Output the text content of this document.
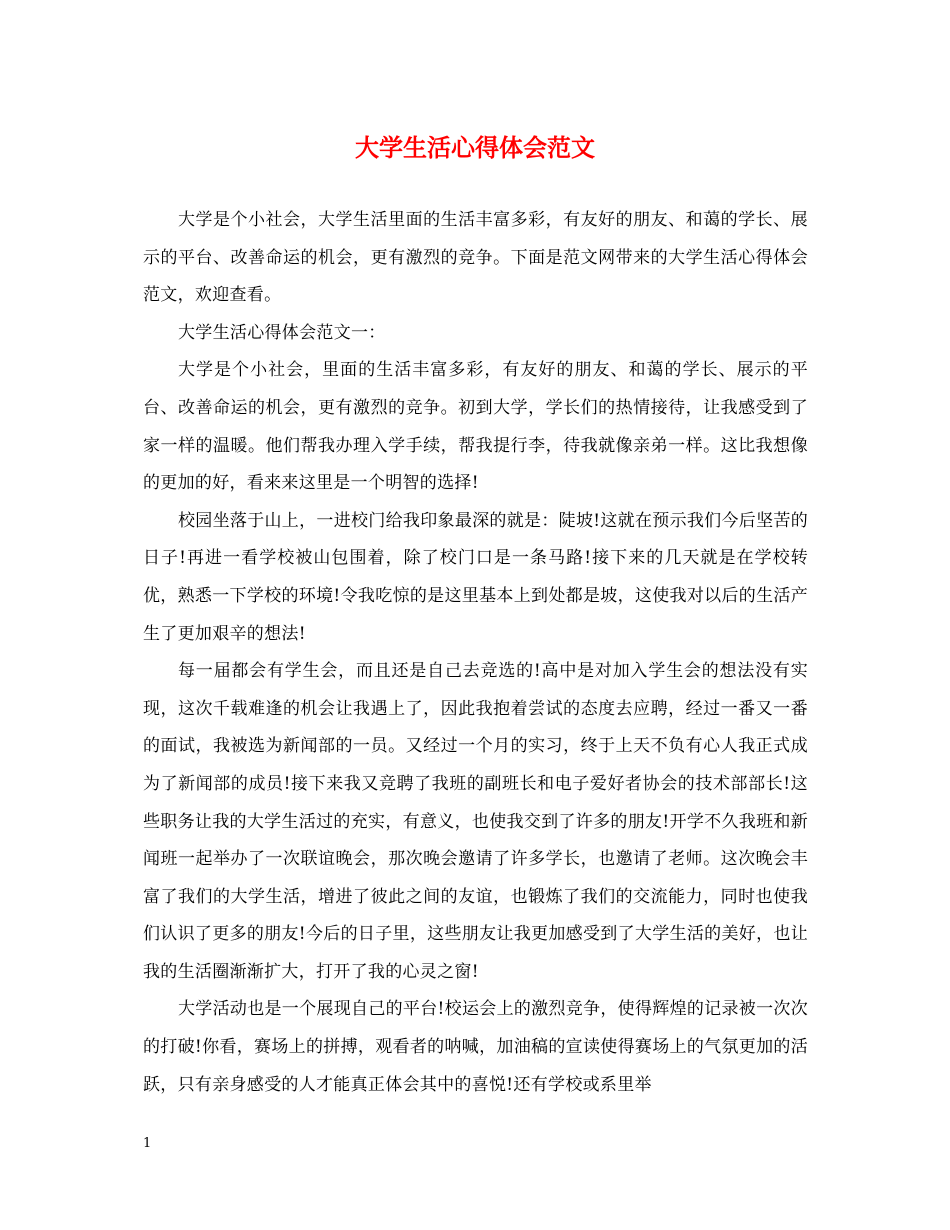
大学生活心得体会范文

大学是个小社会，大学生活里面的生活丰富多彩，有友好的朋友、和蔼的学长、展示的平台、改善命运的机会，更有激烈的竞争。下面是范文网带来的大学生活心得体会范文，欢迎查看。

大学生活心得体会范文一：

大学是个小社会，里面的生活丰富多彩，有友好的朋友、和蔼的学长、展示的平台、改善命运的机会，更有激烈的竞争。初到大学，学长们的热情接待，让我感受到了家一样的温暖。他们帮我办理入学手续，帮我提行李，待我就像亲弟一样。这比我想像的更加的好，看来来这里是一个明智的选择!

校园坐落于山上，一进校门给我印象最深的就是：陡坡!这就在预示我们今后坚苦的日子!再进一看学校被山包围着，除了校门口是一条马路!接下来的几天就是在学校转优，熟悉一下学校的环境!令我吃惊的是这里基本上到处都是坡，这使我对以后的生活产生了更加艰辛的想法!

每一届都会有学生会，而且还是自己去竞选的!高中是对加入学生会的想法没有实现，这次千载难逢的机会让我遇上了，因此我抱着尝试的态度去应聘，经过一番又一番的面试，我被选为新闻部的一员。又经过一个月的实习，终于上天不负有心人我正式成为了新闻部的成员!接下来我又竞聘了我班的副班长和电子爱好者协会的技术部部长!这些职务让我的大学生活过的充实，有意义，也使我交到了许多的朋友!开学不久我班和新闻班一起举办了一次联谊晚会，那次晚会邀请了许多学长，也邀请了老师。这次晚会丰富了我们的大学生活，增进了彼此之间的友谊，也锻炼了我们的交流能力，同时也使我们认识了更多的朋友!今后的日子里，这些朋友让我更加感受到了大学生活的美好，也让我的生活圈渐渐扩大，打开了我的心灵之窗!

大学活动也是一个展现自己的平台!校运会上的激烈竞争，使得辉煌的记录被一次次的打破!你看，赛场上的拼搏，观看者的呐喊，加油稿的宣读使得赛场上的气氛更加的活跃，只有亲身感受的人才能真正体会其中的喜悦!还有学校或系里举

1
